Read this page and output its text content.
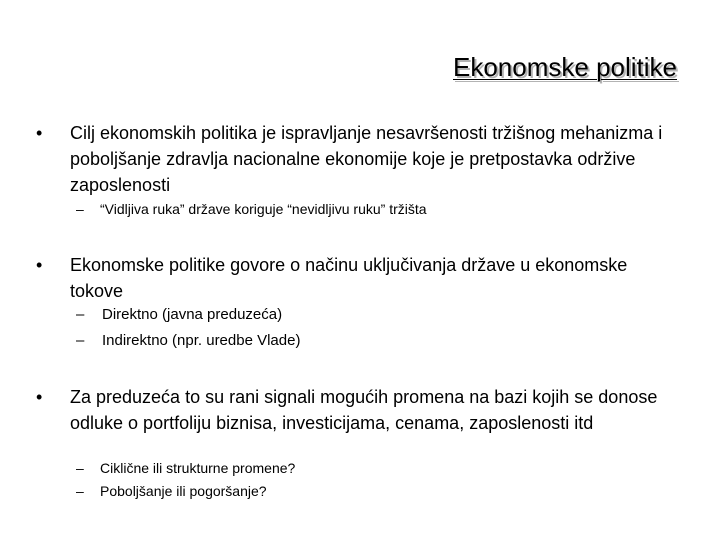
Ekonomske politike
• Cilj ekonomskih politika je ispravljanje nesavršenosti tržišnog mehanizma i poboljšanje zdravlja nacionalne ekonomije koje je pretpostavka održive zaposlenosti
– “Vidljiva ruka” države koriguje “nevidljivu ruku” tržišta
• Ekonomske politike govore o načinu uključivanja države u ekonomske tokove
– Direktno (javna preduzeća)
– Indirektno (npr. uredbe Vlade)
• Za preduzeća to su rani signali mogućih promena na bazi kojih se donose odluke o portfoliju biznisa, investicijama, cenama, zaposlenosti itd
– Ciklične ili strukturne promene?
– Poboljšanje ili pogoršanje?
